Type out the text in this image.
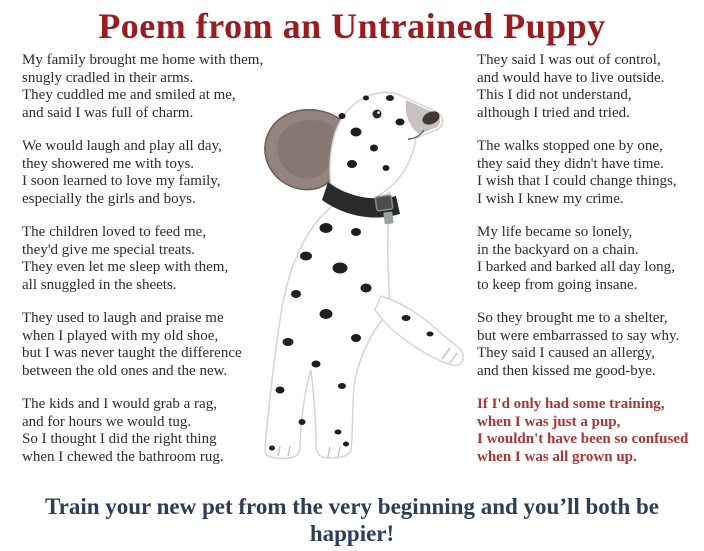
Poem from an Untrained Puppy
My family brought me home with them,
snugly cradled in their arms.
They cuddled me and smiled at me,
and said I was full of charm.
We would laugh and play all day,
they showered me with toys.
I soon learned to love my family,
especially the girls and boys.
The children loved to feed me,
they'd give me special treats.
They even let me sleep with them,
all snuggled in the sheets.
They used to laugh and praise me
when I played with my old shoe,
but I was never taught the difference
between the old ones and the new.
The kids and I would grab a rag,
and for hours we would tug.
So I thought I did the right thing
when I chewed the bathroom rug.
They said I was out of control,
and would have to live outside.
This I did not understand,
although I tried and tried.
The walks stopped one by one,
they said they didn't have time.
I wish that I could change things,
I wish I knew my crime.
My life became so lonely,
in the backyard on a chain.
I barked and barked all day long,
to keep from going insane.
So they brought me to a shelter,
but were embarrassed to say why.
They said I caused an allergy,
and then kissed me good-bye.
If I'd only had some training,
when I was just a pup,
I wouldn't have been so confused
when I was all grown up.
Train your new pet from the very beginning and you’ll both be
happier!
